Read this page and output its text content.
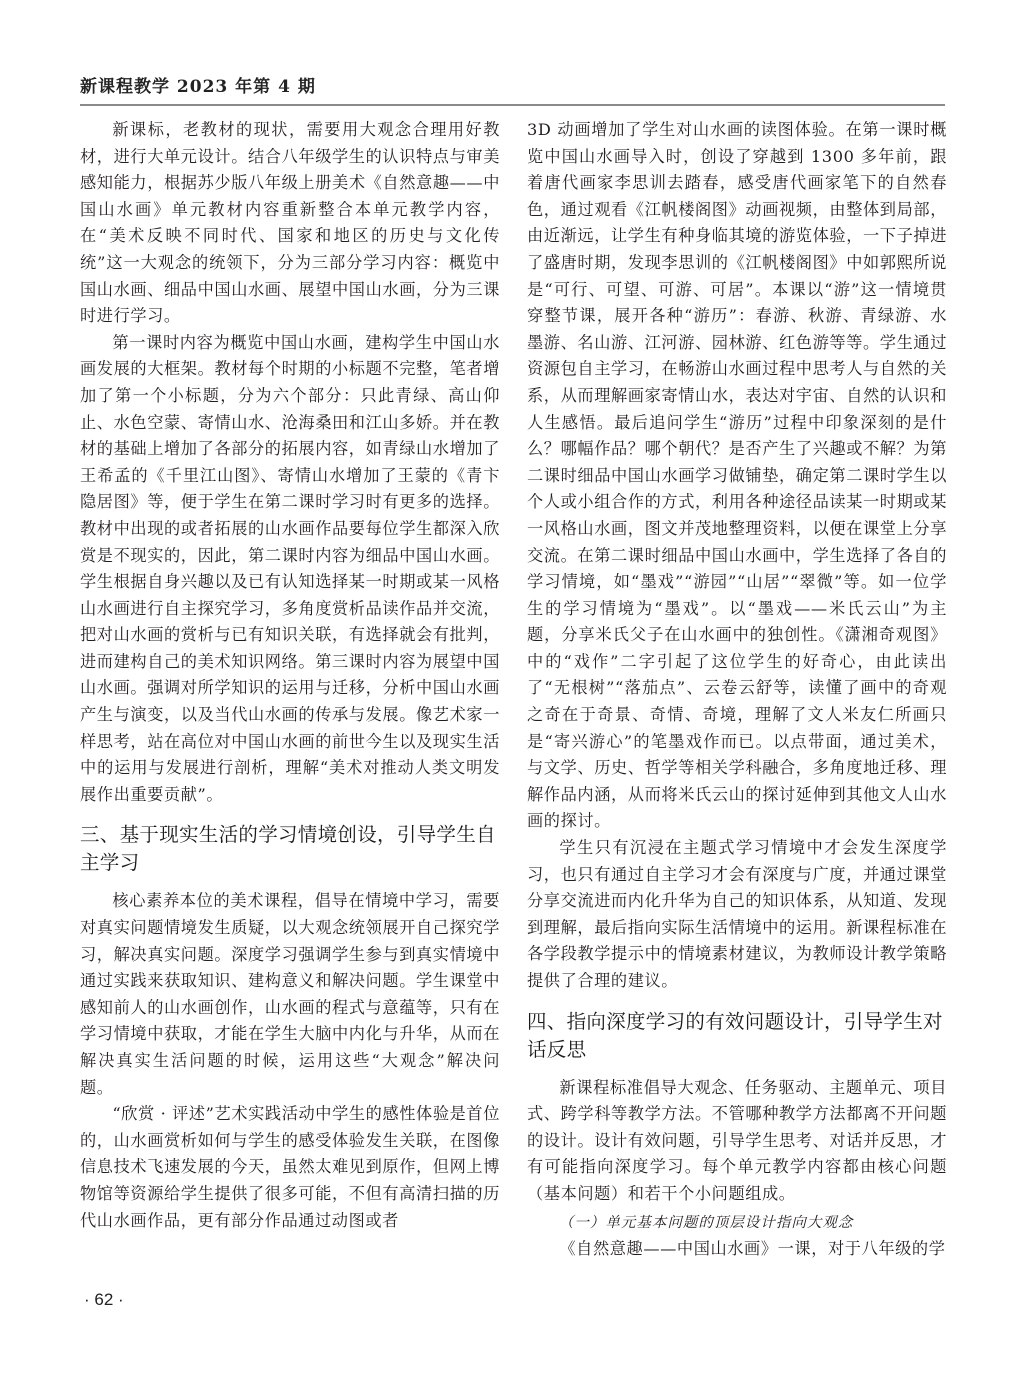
新课程教学 2023 年第 4 期

新课标，老教材的现状，需要用大观念合理用好教材，进行大单元设计。结合八年级学生的认识特点与审美感知能力，根据苏少版八年级上册美术《自然意趣——中国山水画》单元教材内容重新整合本单元教学内容，在“美术反映不同时代、国家和地区的历史与文化传统”这一大观念的统领下，分为三部分学习内容：概览中国山水画、细品中国山水画、展望中国山水画，分为三课时进行学习。

第一课时内容为概览中国山水画，建构学生中国山水画发展的大框架。教材每个时期的小标题不完整，笔者增加了第一个小标题，分为六个部分：只此青绿、高山仰止、水色空蒙、寄情山水、沧海桑田和江山多娇。并在教材的基础上增加了各部分的拓展内容，如青绿山水增加了王希孟的《千里江山图》、寄情山水增加了王蒙的《青卞隐居图》等，便于学生在第二课时学习时有更多的选择。教材中出现的或者拓展的山水画作品要每位学生都深入欣赏是不现实的，因此，第二课时内容为细品中国山水画。学生根据自身兴趣以及已有认知选择某一时期或某一风格山水画进行自主探究学习，多角度赏析品读作品并交流，把对山水画的赏析与已有知识关联，有选择就会有批判，进而建构自己的美术知识网络。第三课时内容为展望中国山水画。强调对所学知识的运用与迁移，分析中国山水画产生与演变，以及当代山水画的传承与发展。像艺术家一样思考，站在高位对中国山水画的前世今生以及现实生活中的运用与发展进行剖析，理解“美术对推动人类文明发展作出重要贡献”。

三、基于现实生活的学习情境创设，引导学生自主学习

核心素养本位的美术课程，倡导在情境中学习，需要对真实问题情境发生质疑，以大观念统领展开自己探究学习，解决真实问题。深度学习强调学生参与到真实情境中通过实践来获取知识、建构意义和解决问题。学生课堂中感知前人的山水画创作，山水画的程式与意蕴等，只有在学习情境中获取，才能在学生大脑中内化与升华，从而在解决真实生活问题的时候，运用这些“大观念”解决问题。

“欣赏 · 评述”艺术实践活动中学生的感性体验是首位的，山水画赏析如何与学生的感受体验发生关联，在图像信息技术飞速发展的今天，虽然太难见到原作，但网上博物馆等资源给学生提供了很多可能，不但有高清扫描的历代山水画作品，更有部分作品通过动图或者

3D 动画增加了学生对山水画的读图体验。在第一课时概览中国山水画导入时，创设了穿越到 1300 多年前，跟着唐代画家李思训去踏春，感受唐代画家笔下的自然春色，通过观看《江帆楼阁图》动画视频，由整体到局部，由近渐远，让学生有种身临其境的游览体验，一下子掉进了盛唐时期，发现李思训的《江帆楼阁图》中如郭熙所说是“可行、可望、可游、可居”。本课以“游”这一情境贯穿整节课，展开各种“游历”：春游、秋游、青绿游、水墨游、名山游、江河游、园林游、红色游等等。学生通过资源包自主学习，在畅游山水画过程中思考人与自然的关系，从而理解画家寄情山水，表达对宇宙、自然的认识和人生感悟。最后追问学生“游历”过程中印象深刻的是什么？哪幅作品？哪个朝代？是否产生了兴趣或不解？为第二课时细品中国山水画学习做铺垫，确定第二课时学生以个人或小组合作的方式，利用各种途径品读某一时期或某一风格山水画，图文并茂地整理资料，以便在课堂上分享交流。在第二课时细品中国山水画中，学生选择了各自的学习情境，如“墨戏”“游园”“山居”“翠微”等。如一位学生的学习情境为“墨戏”。以“墨戏——米氏云山”为主题，分享米氏父子在山水画中的独创性。《潇湘奇观图》中的“戏作”二字引起了这位学生的好奇心，由此读出了“无根树”“落茄点”、云卷云舒等，读懂了画中的奇观之奇在于奇景、奇情、奇境，理解了文人米友仁所画只是“寄兴游心”的笔墨戏作而已。以点带面，通过美术，与文学、历史、哲学等相关学科融合，多角度地迁移、理解作品内涵，从而将米氏云山的探讨延伸到其他文人山水画的探讨。

学生只有沉浸在主题式学习情境中才会发生深度学习，也只有通过自主学习才会有深度与广度，并通过课堂分享交流进而内化升华为自己的知识体系，从知道、发现到理解，最后指向实际生活情境中的运用。新课程标准在各学段教学提示中的情境素材建议，为教师设计教学策略提供了合理的建议。

四、指向深度学习的有效问题设计，引导学生对话反思

新课程标准倡导大观念、任务驱动、主题单元、项目式、跨学科等教学方法。不管哪种教学方法都离不开问题的设计。设计有效问题，引导学生思考、对话并反思，才有可能指向深度学习。每个单元教学内容都由核心问题（基本问题）和若干个小问题组成。

（一）单元基本问题的顶层设计指向大观念

《自然意趣——中国山水画》一课，对于八年级的学

· 62 ·
